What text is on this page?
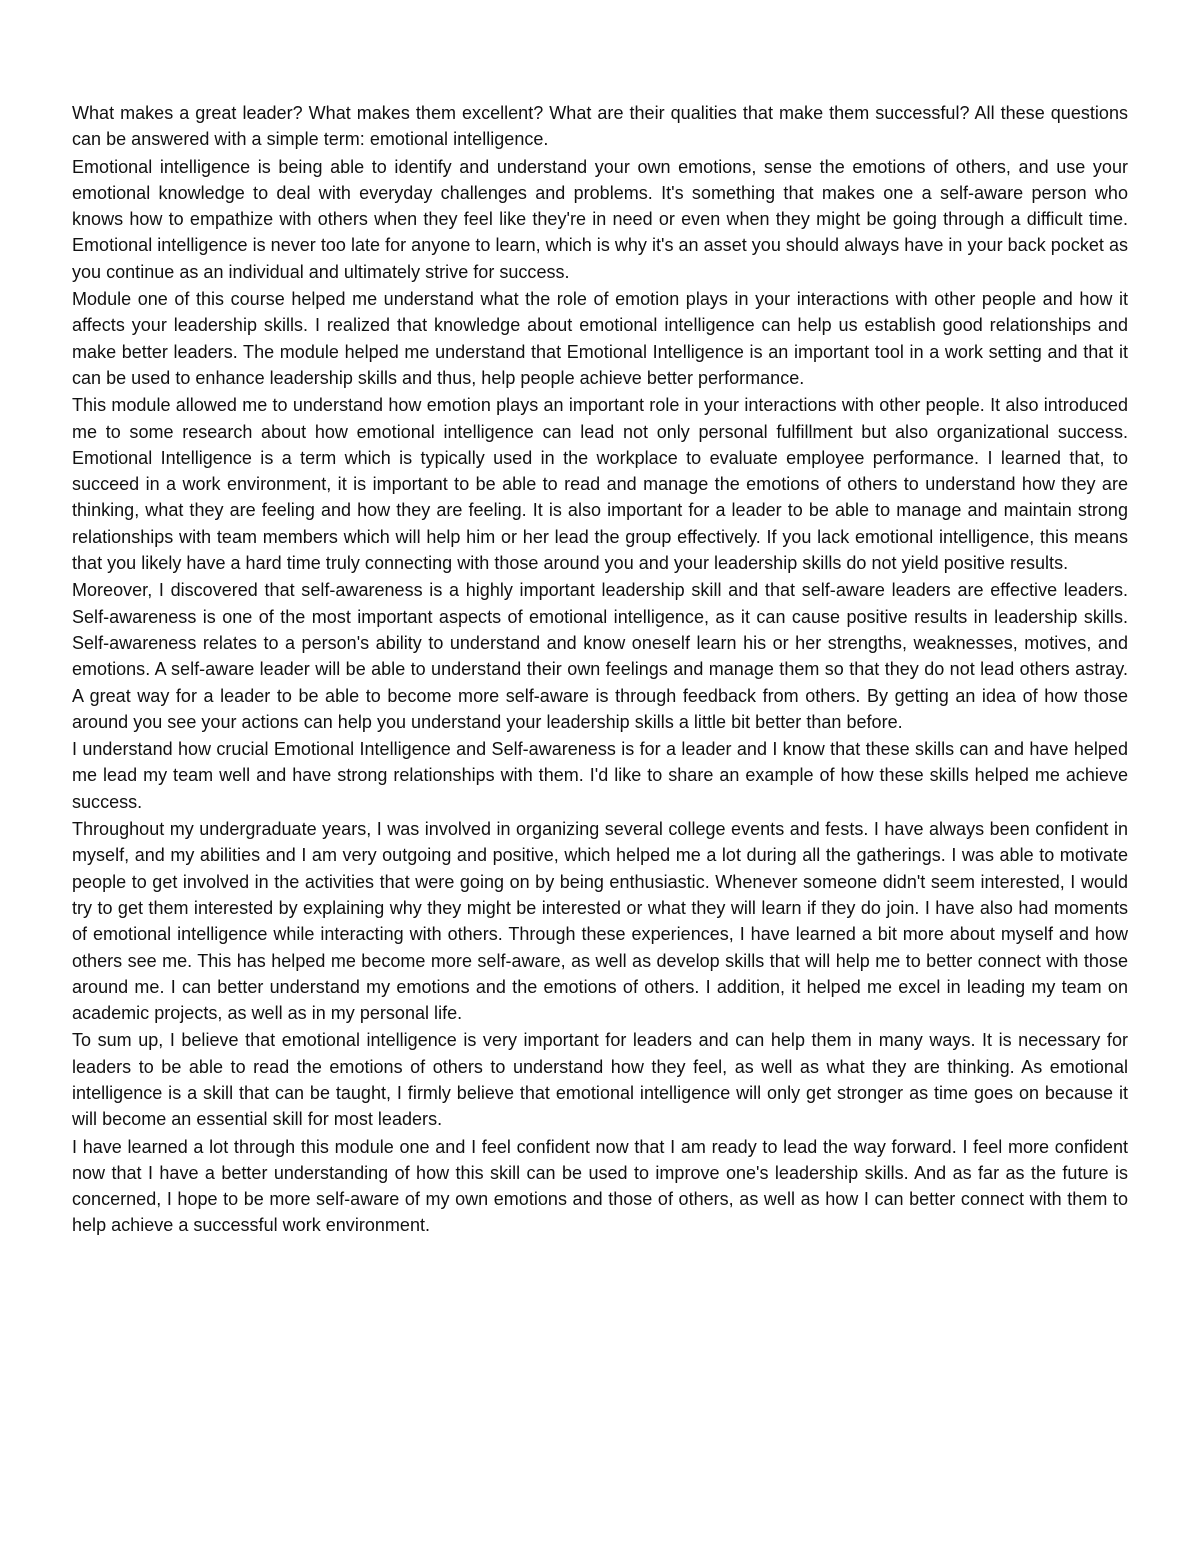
What makes a great leader? What makes them excellent? What are their qualities that make them successful? All these questions can be answered with a simple term: emotional intelligence.

Emotional intelligence is being able to identify and understand your own emotions, sense the emotions of others, and use your emotional knowledge to deal with everyday challenges and problems. It's something that makes one a self-aware person who knows how to empathize with others when they feel like they're in need or even when they might be going through a difficult time. Emotional intelligence is never too late for anyone to learn, which is why it's an asset you should always have in your back pocket as you continue as an individual and ultimately strive for success.

Module one of this course helped me understand what the role of emotion plays in your interactions with other people and how it affects your leadership skills. I realized that knowledge about emotional intelligence can help us establish good relationships and make better leaders. The module helped me understand that Emotional Intelligence is an important tool in a work setting and that it can be used to enhance leadership skills and thus, help people achieve better performance.

This module allowed me to understand how emotion plays an important role in your interactions with other people. It also introduced me to some research about how emotional intelligence can lead not only personal fulfillment but also organizational success. Emotional Intelligence is a term which is typically used in the workplace to evaluate employee performance. I learned that, to succeed in a work environment, it is important to be able to read and manage the emotions of others to understand how they are thinking, what they are feeling and how they are feeling. It is also important for a leader to be able to manage and maintain strong relationships with team members which will help him or her lead the group effectively. If you lack emotional intelligence, this means that you likely have a hard time truly connecting with those around you and your leadership skills do not yield positive results.

Moreover, I discovered that self-awareness is a highly important leadership skill and that self-aware leaders are effective leaders. Self-awareness is one of the most important aspects of emotional intelligence, as it can cause positive results in leadership skills. Self-awareness relates to a person's ability to understand and know oneself learn his or her strengths, weaknesses, motives, and emotions. A self-aware leader will be able to understand their own feelings and manage them so that they do not lead others astray. A great way for a leader to be able to become more self-aware is through feedback from others. By getting an idea of how those around you see your actions can help you understand your leadership skills a little bit better than before.

I understand how crucial Emotional Intelligence and Self-awareness is for a leader and I know that these skills can and have helped me lead my team well and have strong relationships with them. I'd like to share an example of how these skills helped me achieve success.

Throughout my undergraduate years, I was involved in organizing several college events and fests. I have always been confident in myself, and my abilities and I am very outgoing and positive, which helped me a lot during all the gatherings. I was able to motivate people to get involved in the activities that were going on by being enthusiastic. Whenever someone didn't seem interested, I would try to get them interested by explaining why they might be interested or what they will learn if they do join. I have also had moments of emotional intelligence while interacting with others. Through these experiences, I have learned a bit more about myself and how others see me. This has helped me become more self-aware, as well as develop skills that will help me to better connect with those around me. I can better understand my emotions and the emotions of others. I addition, it helped me excel in leading my team on academic projects, as well as in my personal life.

To sum up, I believe that emotional intelligence is very important for leaders and can help them in many ways. It is necessary for leaders to be able to read the emotions of others to understand how they feel, as well as what they are thinking. As emotional intelligence is a skill that can be taught, I firmly believe that emotional intelligence will only get stronger as time goes on because it will become an essential skill for most leaders.

I have learned a lot through this module one and I feel confident now that I am ready to lead the way forward. I feel more confident now that I have a better understanding of how this skill can be used to improve one's leadership skills. And as far as the future is concerned, I hope to be more self-aware of my own emotions and those of others, as well as how I can better connect with them to help achieve a successful work environment.
